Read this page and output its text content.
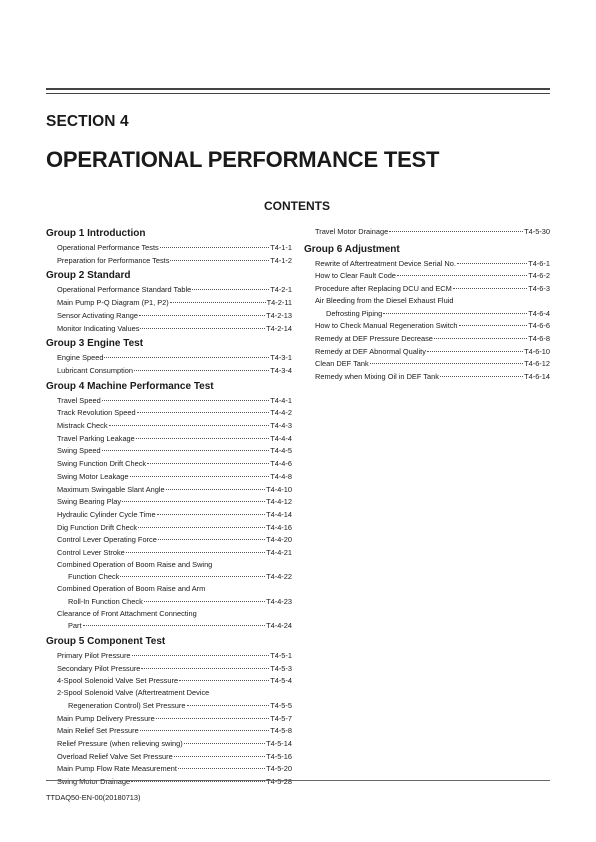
SECTION 4
OPERATIONAL PERFORMANCE TEST
CONTENTS
Group 1 Introduction
Operational Performance Tests	T4-1-1
Preparation for Performance Tests	T4-1-2
Group 2 Standard
Operational Performance Standard Table	T4-2-1
Main Pump P-Q Diagram (P1, P2)	T4-2-11
Sensor Activating Range	T4-2-13
Monitor Indicating Values	T4-2-14
Group 3 Engine Test
Engine Speed	T4-3-1
Lubricant Consumption	T4-3-4
Group 4 Machine Performance Test
Travel Speed	T4-4-1
Track Revolution Speed	T4-4-2
Mistrack Check	T4-4-3
Travel Parking Leakage	T4-4-4
Swing Speed	T4-4-5
Swing Function Drift Check	T4-4-6
Swing Motor Leakage	T4-4-8
Maximum Swingable Slant Angle	T4-4-10
Swing Bearing Play	T4-4-12
Hydraulic Cylinder Cycle Time	T4-4-14
Dig Function Drift Check	T4-4-16
Control Lever Operating Force	T4-4-20
Control Lever Stroke	T4-4-21
Combined Operation of Boom Raise and Swing
Function Check	T4-4-22
Combined Operation of Boom Raise and Arm
Roll-In Function Check	T4-4-23
Clearance of Front Attachment Connecting
Part	T4-4-24
Group 5 Component Test
Primary Pilot Pressure	T4-5-1
Secondary Pilot Pressure	T4-5-3
4-Spool Solenoid Valve Set Pressure	T4-5-4
2-Spool Solenoid Valve (Aftertreatment Device
Regeneration Control) Set Pressure	T4-5-5
Main Pump Delivery Pressure	T4-5-7
Main Relief Set Pressure	T4-5-8
Relief Pressure (when relieving swing)	T4-5-14
Overload Relief Valve Set Pressure	T4-5-16
Main Pump Flow Rate Measurement	T4-5-20
Swing Motor Drainage	T4-5-28
Travel Motor Drainage	T4-5-30
Group 6 Adjustment
Rewrite of Aftertreatment Device Serial No.	T4-6-1
How to Clear Fault Code	T4-6-2
Procedure after Replacing DCU and ECM	T4-6-3
Air Bleeding from the Diesel Exhaust Fluid
Defrosting Piping	T4-6-4
How to Check Manual Regeneration Switch	T4-6-6
Remedy at DEF Pressure Decrease	T4-6-8
Remedy at DEF Abnormal Quality	T4-6-10
Clean DEF Tank	T4-6-12
Remedy when Mixing Oil in DEF Tank	T4-6-14
TTDAQ50-EN-00(20180713)
